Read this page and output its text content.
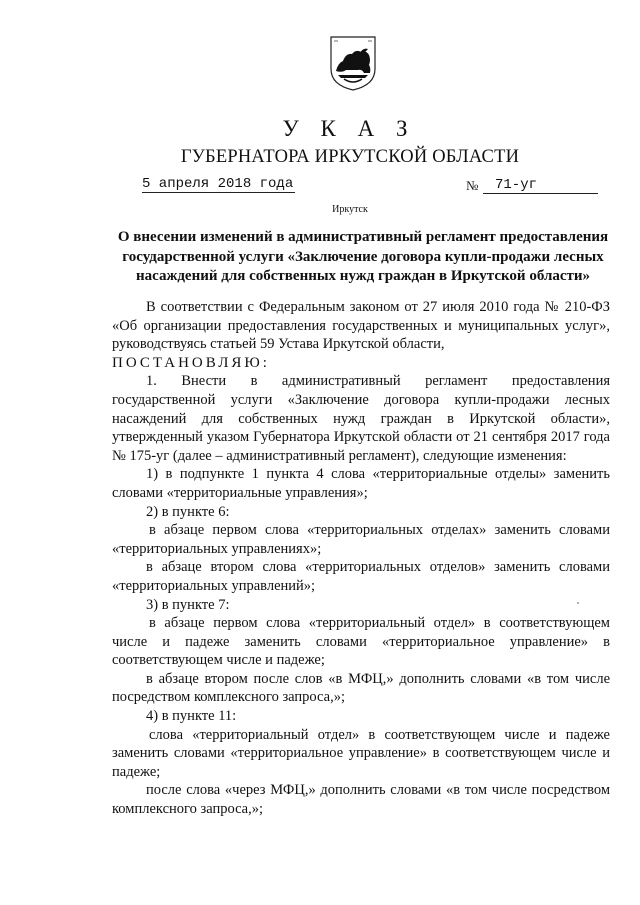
У К А З
ГУБЕРНАТОРА ИРКУТСКОЙ ОБЛАСТИ
5 апреля 2018 года	№	71-уг
Иркутск
О внесении изменений в административный регламент предоставления государственной услуги «Заключение договора купли-продажи лесных насаждений для собственных нужд граждан в Иркутской области»

В соответствии с Федеральным законом от 27 июля 2010 года № 210-ФЗ «Об организации предоставления государственных и муниципальных услуг», руководствуясь статьей 59 Устава Иркутской области,

ПОСТАНОВЛЯЮ:

1. Внести в административный регламент предоставления государственной услуги «Заключение договора купли-продажи лесных насаждений для собственных нужд граждан в Иркутской области», утвержденный указом Губернатора Иркутской области от 21 сентября 2017 года № 175-уг (далее – административный регламент), следующие изменения:

1) в подпункте 1 пункта 4 слова «территориальные отделы» заменить словами «территориальные управления»;

2) в пункте 6:

в абзаце первом слова «территориальных отделах» заменить словами «территориальных управлениях»;

в абзаце втором слова «территориальных отделов» заменить словами «территориальных управлений»;

3) в пункте 7:

в абзаце первом слова «территориальный отдел» в соответствующем числе и падеже заменить словами «территориальное управление» в соответствующем числе и падеже;

в абзаце втором после слов «в МФЦ,» дополнить словами «в том числе посредством комплексного запроса,»;

4) в пункте 11:

слова «территориальный отдел» в соответствующем числе и падеже заменить словами «территориальное управление» в соответствующем числе и падеже;

после слова «через МФЦ,» дополнить словами «в том числе посредством комплексного запроса,»;
